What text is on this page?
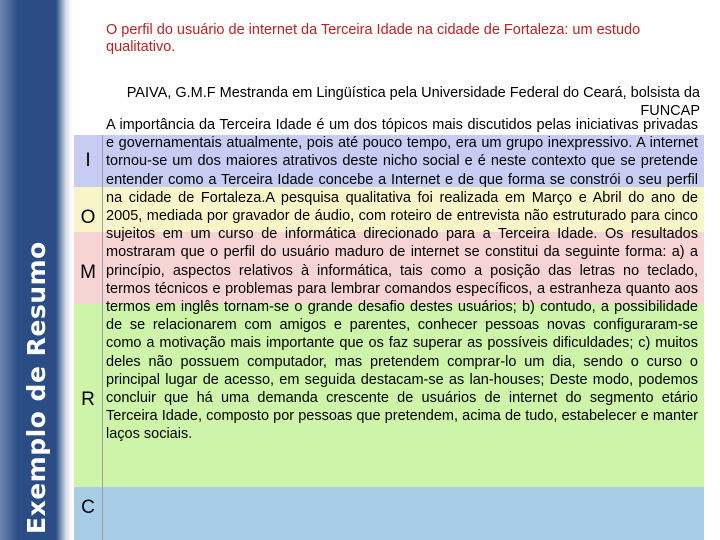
Exemplo de Resumo
O perfil do usuário de internet da Terceira Idade na cidade de Fortaleza: um estudo qualitativo.
PAIVA, G.M.F Mestranda em Lingüística pela Universidade Federal do Ceará, bolsista da FUNCAP
I
O
M
R
C
A importância da Terceira Idade é um dos tópicos mais discutidos pelas iniciativas privadas e governamentais atualmente, pois até pouco tempo, era um grupo inexpressivo. A internet tornou-se um dos maiores atrativos deste nicho social e é neste contexto que se pretende entender como a Terceira Idade concebe a Internet e de que forma se constrói o seu perfil na cidade de Fortaleza.A pesquisa qualitativa foi realizada em Março e Abril do ano de 2005, mediada por gravador de áudio, com roteiro de entrevista não estruturado para cinco sujeitos em um curso de informática direcionado para a Terceira Idade. Os resultados mostraram que o perfil do usuário maduro de internet se constitui da seguinte forma: a) a princípio, aspectos relativos à informática, tais como a posição das letras no teclado, termos técnicos e problemas para lembrar comandos específicos, a estranheza quanto aos termos em inglês tornam-se o grande desafio destes usuários; b) contudo, a possibilidade de se relacionarem com amigos e parentes, conhecer pessoas novas configuraram-se como a motivação mais importante que os faz superar as possíveis dificuldades; c) muitos deles não possuem computador, mas pretendem comprar-lo um dia, sendo o curso o principal lugar de acesso, em seguida destacam-se as lan-houses; Deste modo, podemos concluir que há uma demanda crescente de usuários de internet do segmento etário Terceira Idade, composto por pessoas que pretendem, acima de tudo, estabelecer e manter laços sociais.
